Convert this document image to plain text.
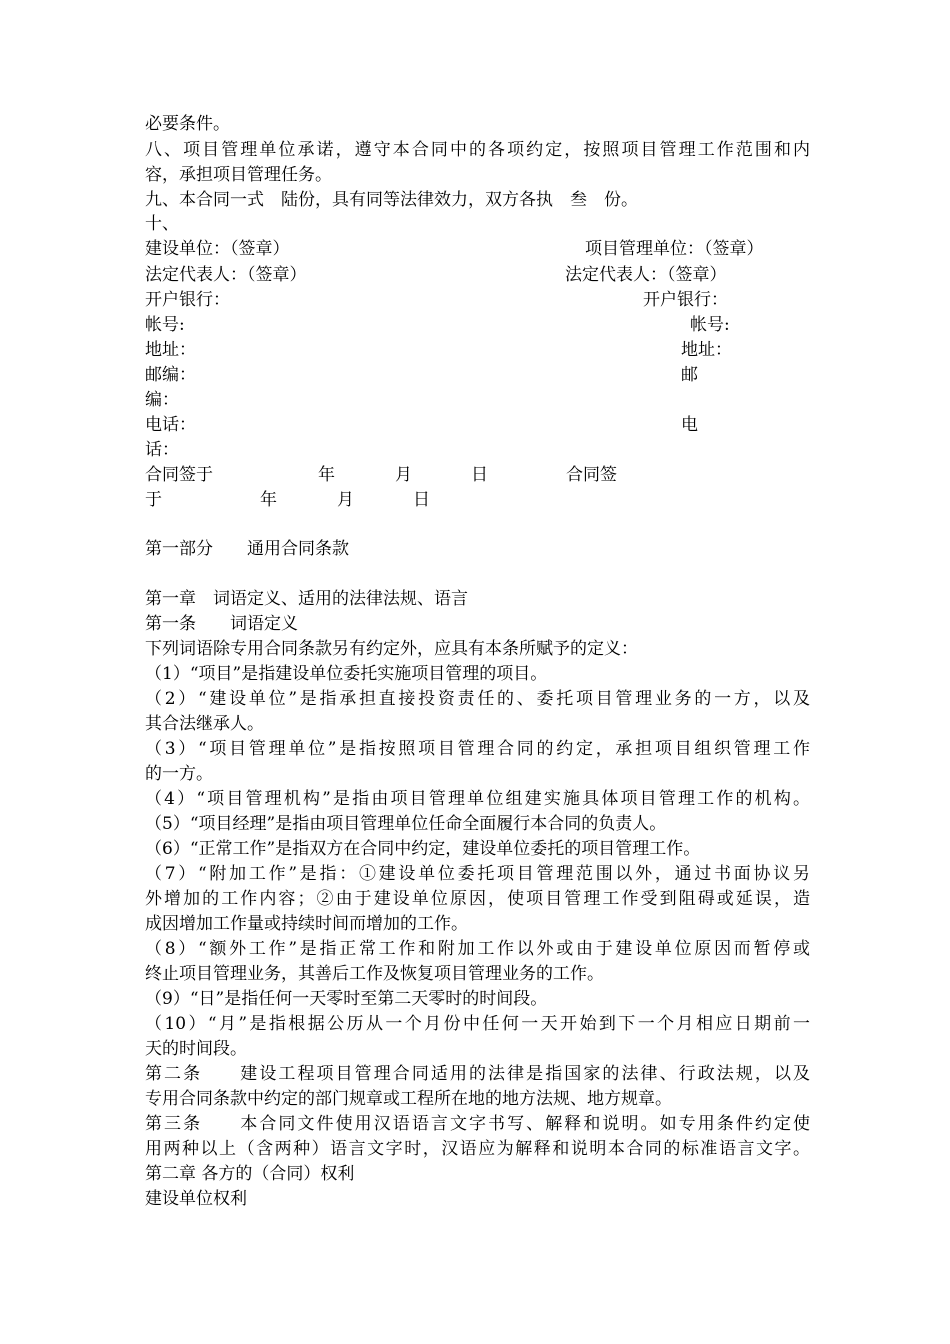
必要条件。
八、项目管理单位承诺，遵守本合同中的各项约定，按照项目管理工作范围和内
容，承担项目管理任务。
九、本合同一式　陆份，具有同等法律效力，双方各执　叁　份。
十、
建设单位：（签章）	项目管理单位：（签章）
法定代表人：（签章）	法定代表人：（签章）
开户银行：	开户银行：
帐号:	帐号:
地址：	地址：
邮编：	邮
编：
电话：	电
话：
合同签于	年	月	日	合同签
于	年	月	日
第一部分　　通用合同条款
第一章　词语定义、适用的法律法规、语言
第一条　　词语定义
下列词语除专用合同条款另有约定外，应具有本条所赋予的定义：
（1）“项目”是指建设单位委托实施项目管理的项目。
（2）“建设单位”是指承担直接投资责任的、委托项目管理业务的一方，以及
其合法继承人。
（3）“项目管理单位”是指按照项目管理合同的约定，承担项目组织管理工作
的一方。
（4）“项目管理机构”是指由项目管理单位组建实施具体项目管理工作的机构。
（5）“项目经理”是指由项目管理单位任命全面履行本合同的负责人。
（6）“正常工作”是指双方在合同中约定，建设单位委托的项目管理工作。
（7）“附加工作”是指：①建设单位委托项目管理范围以外，通过书面协议另
外增加的工作内容；②由于建设单位原因，使项目管理工作受到阻碍或延误，造
成因增加工作量或持续时间而增加的工作。
（8）“额外工作”是指正常工作和附加工作以外或由于建设单位原因而暂停或
终止项目管理业务，其善后工作及恢复项目管理业务的工作。
（9）“日”是指任何一天零时至第二天零时的时间段。
（10）“月”是指根据公历从一个月份中任何一天开始到下一个月相应日期前一
天的时间段。
第二条　　建设工程项目管理合同适用的法律是指国家的法律、行政法规，以及
专用合同条款中约定的部门规章或工程所在地的地方法规、地方规章。
第三条　　本合同文件使用汉语语言文字书写、解释和说明。如专用条件约定使
用两种以上（含两种）语言文字时，汉语应为解释和说明本合同的标准语言文字。
第二章 各方的（合同）权利
建设单位权利
